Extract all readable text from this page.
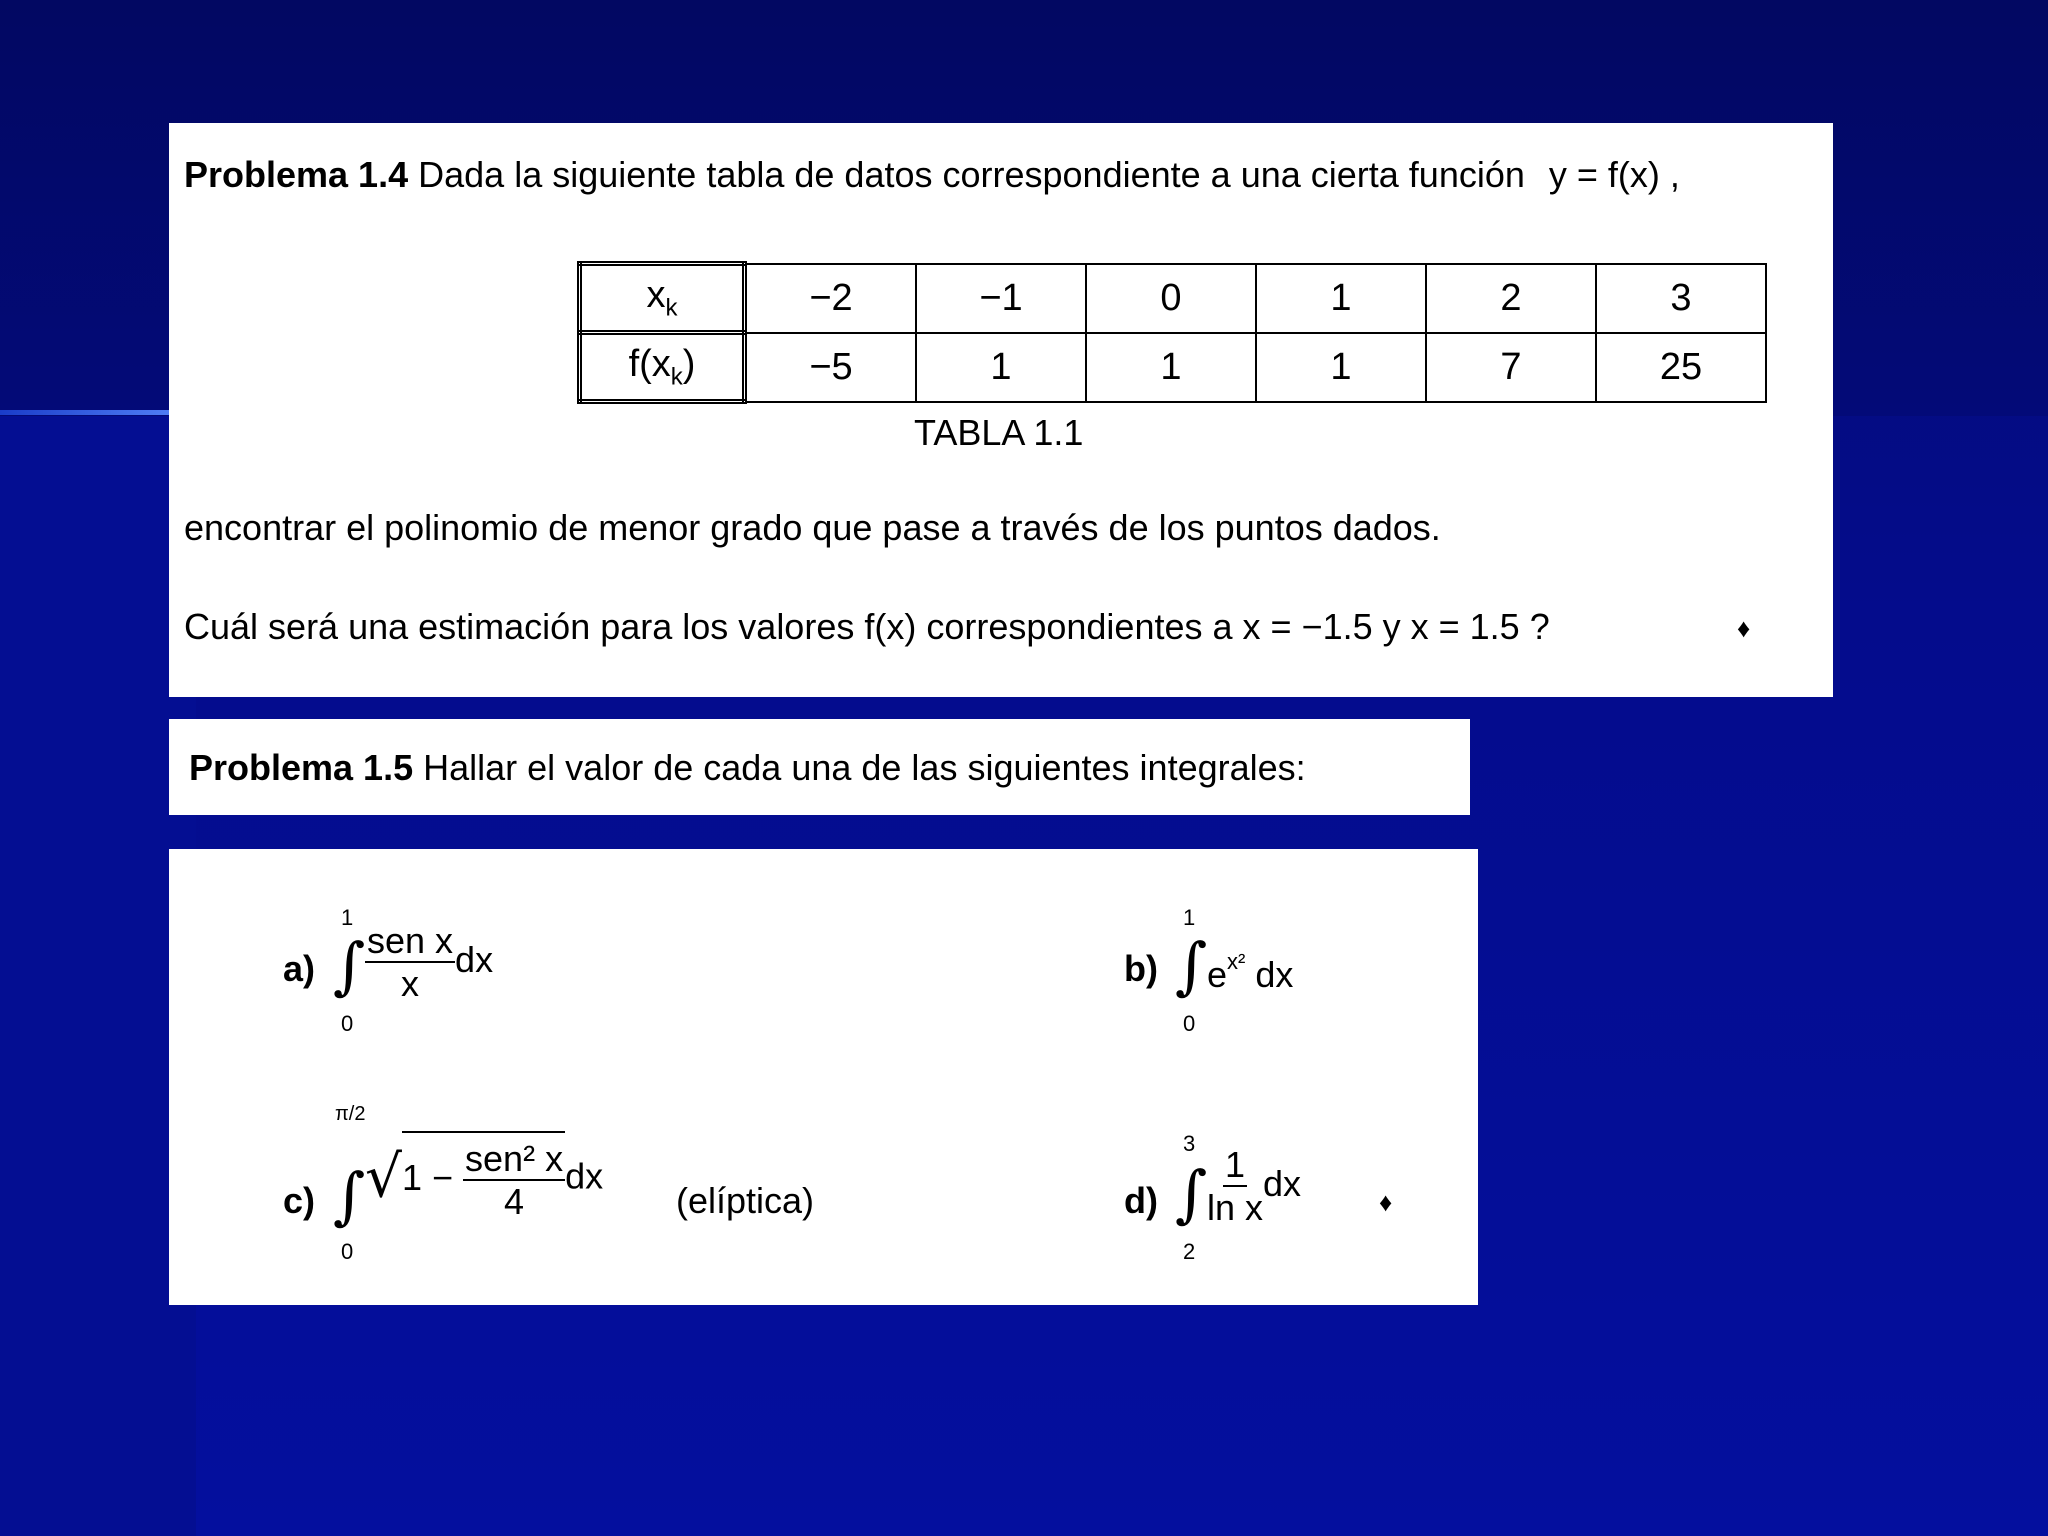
Problema 1.4 Dada la siguiente tabla de datos correspondiente a una cierta función y = f(x) ,
$x_k$	−2	−1	0	1	2	3
$f(x_k)$	−5	1	1	1	7	25
TABLA 1.1
encontrar el polinomio de menor grado que pase a través de los puntos dados.
Cuál será una estimación para los valores f(x) correspondientes a x = −1.5 y x = 1.5 ?	♦
Problema 1.5 Hallar el valor de cada una de las siguientes integrales:
a)
1
∫
0
$\frac{\text{sen x}}{x}$ dx	b)
1
∫
0
$e^{x^2}$ dx
c)
π/2
∫
0
$√1 - \frac{\text{sen² x}}{4}$ dx
(elíptica)	d)
3
∫
2
$\frac{1}{\text{ln x}}$ dx	♦
